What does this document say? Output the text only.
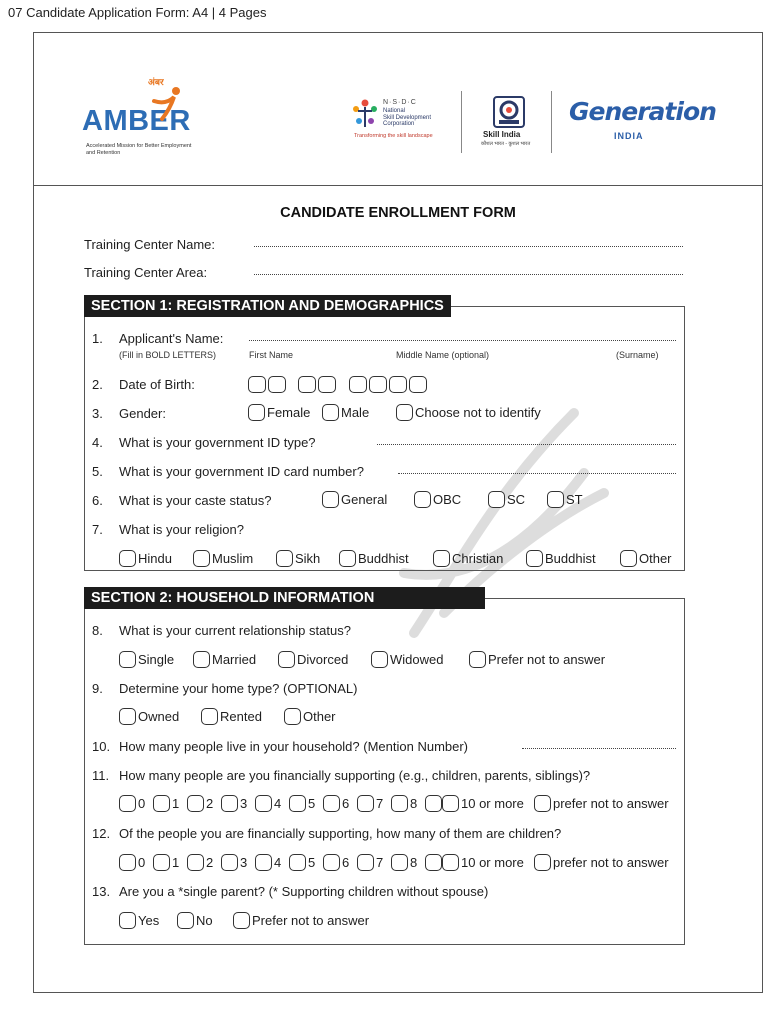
07 Candidate Application Form: A4 | 4 Pages
अंबर
AMBER
Accelerated Mission for Better Employment and Retention
N·S·D·C
National
Skill Development
Corporation
Transforming the skill landscape	Skill India
कौशल भारत - कुशल भारत
Generation
INDIA
CANDIDATE ENROLLMENT FORM
Training Center Name:
Training Center Area:
SECTION 1: REGISTRATION AND DEMOGRAPHICS
1. Applicant's Name:
(Fill in BOLD LETTERS)	First Name	Middle Name (optional)	(Surname)
2. Date of Birth:
3. Gender:	Female Male	Choose not to identify
4. What is your government ID type?
5. What is your government ID card number?
6. What is your caste status?	General	OBC	SC	ST
7. What is your religion?
Hindu	Muslim	Sikh	Buddhist	Christian	Buddhist	Other
SECTION 2: HOUSEHOLD INFORMATION
8. What is your current relationship status?
Single	Married	Divorced	Widowed	Prefer not to answer
9. Determine your home type? (OPTIONAL)
Owned	Rented	Other
10. How many people live in your household? (Mention Number)
11. How many people are you financially supporting (e.g., children, parents, siblings)?
0 1 2 3 4 5 6 7 8	10 or more prefer not to answer
12. Of the people you are financially supporting, how many of them are children?
0 1 2 3 4 5 6 7 8	10 or more prefer not to answer
13. Are you a *single parent? (* Supporting children without spouse)
Yes	No	Prefer not to answer
